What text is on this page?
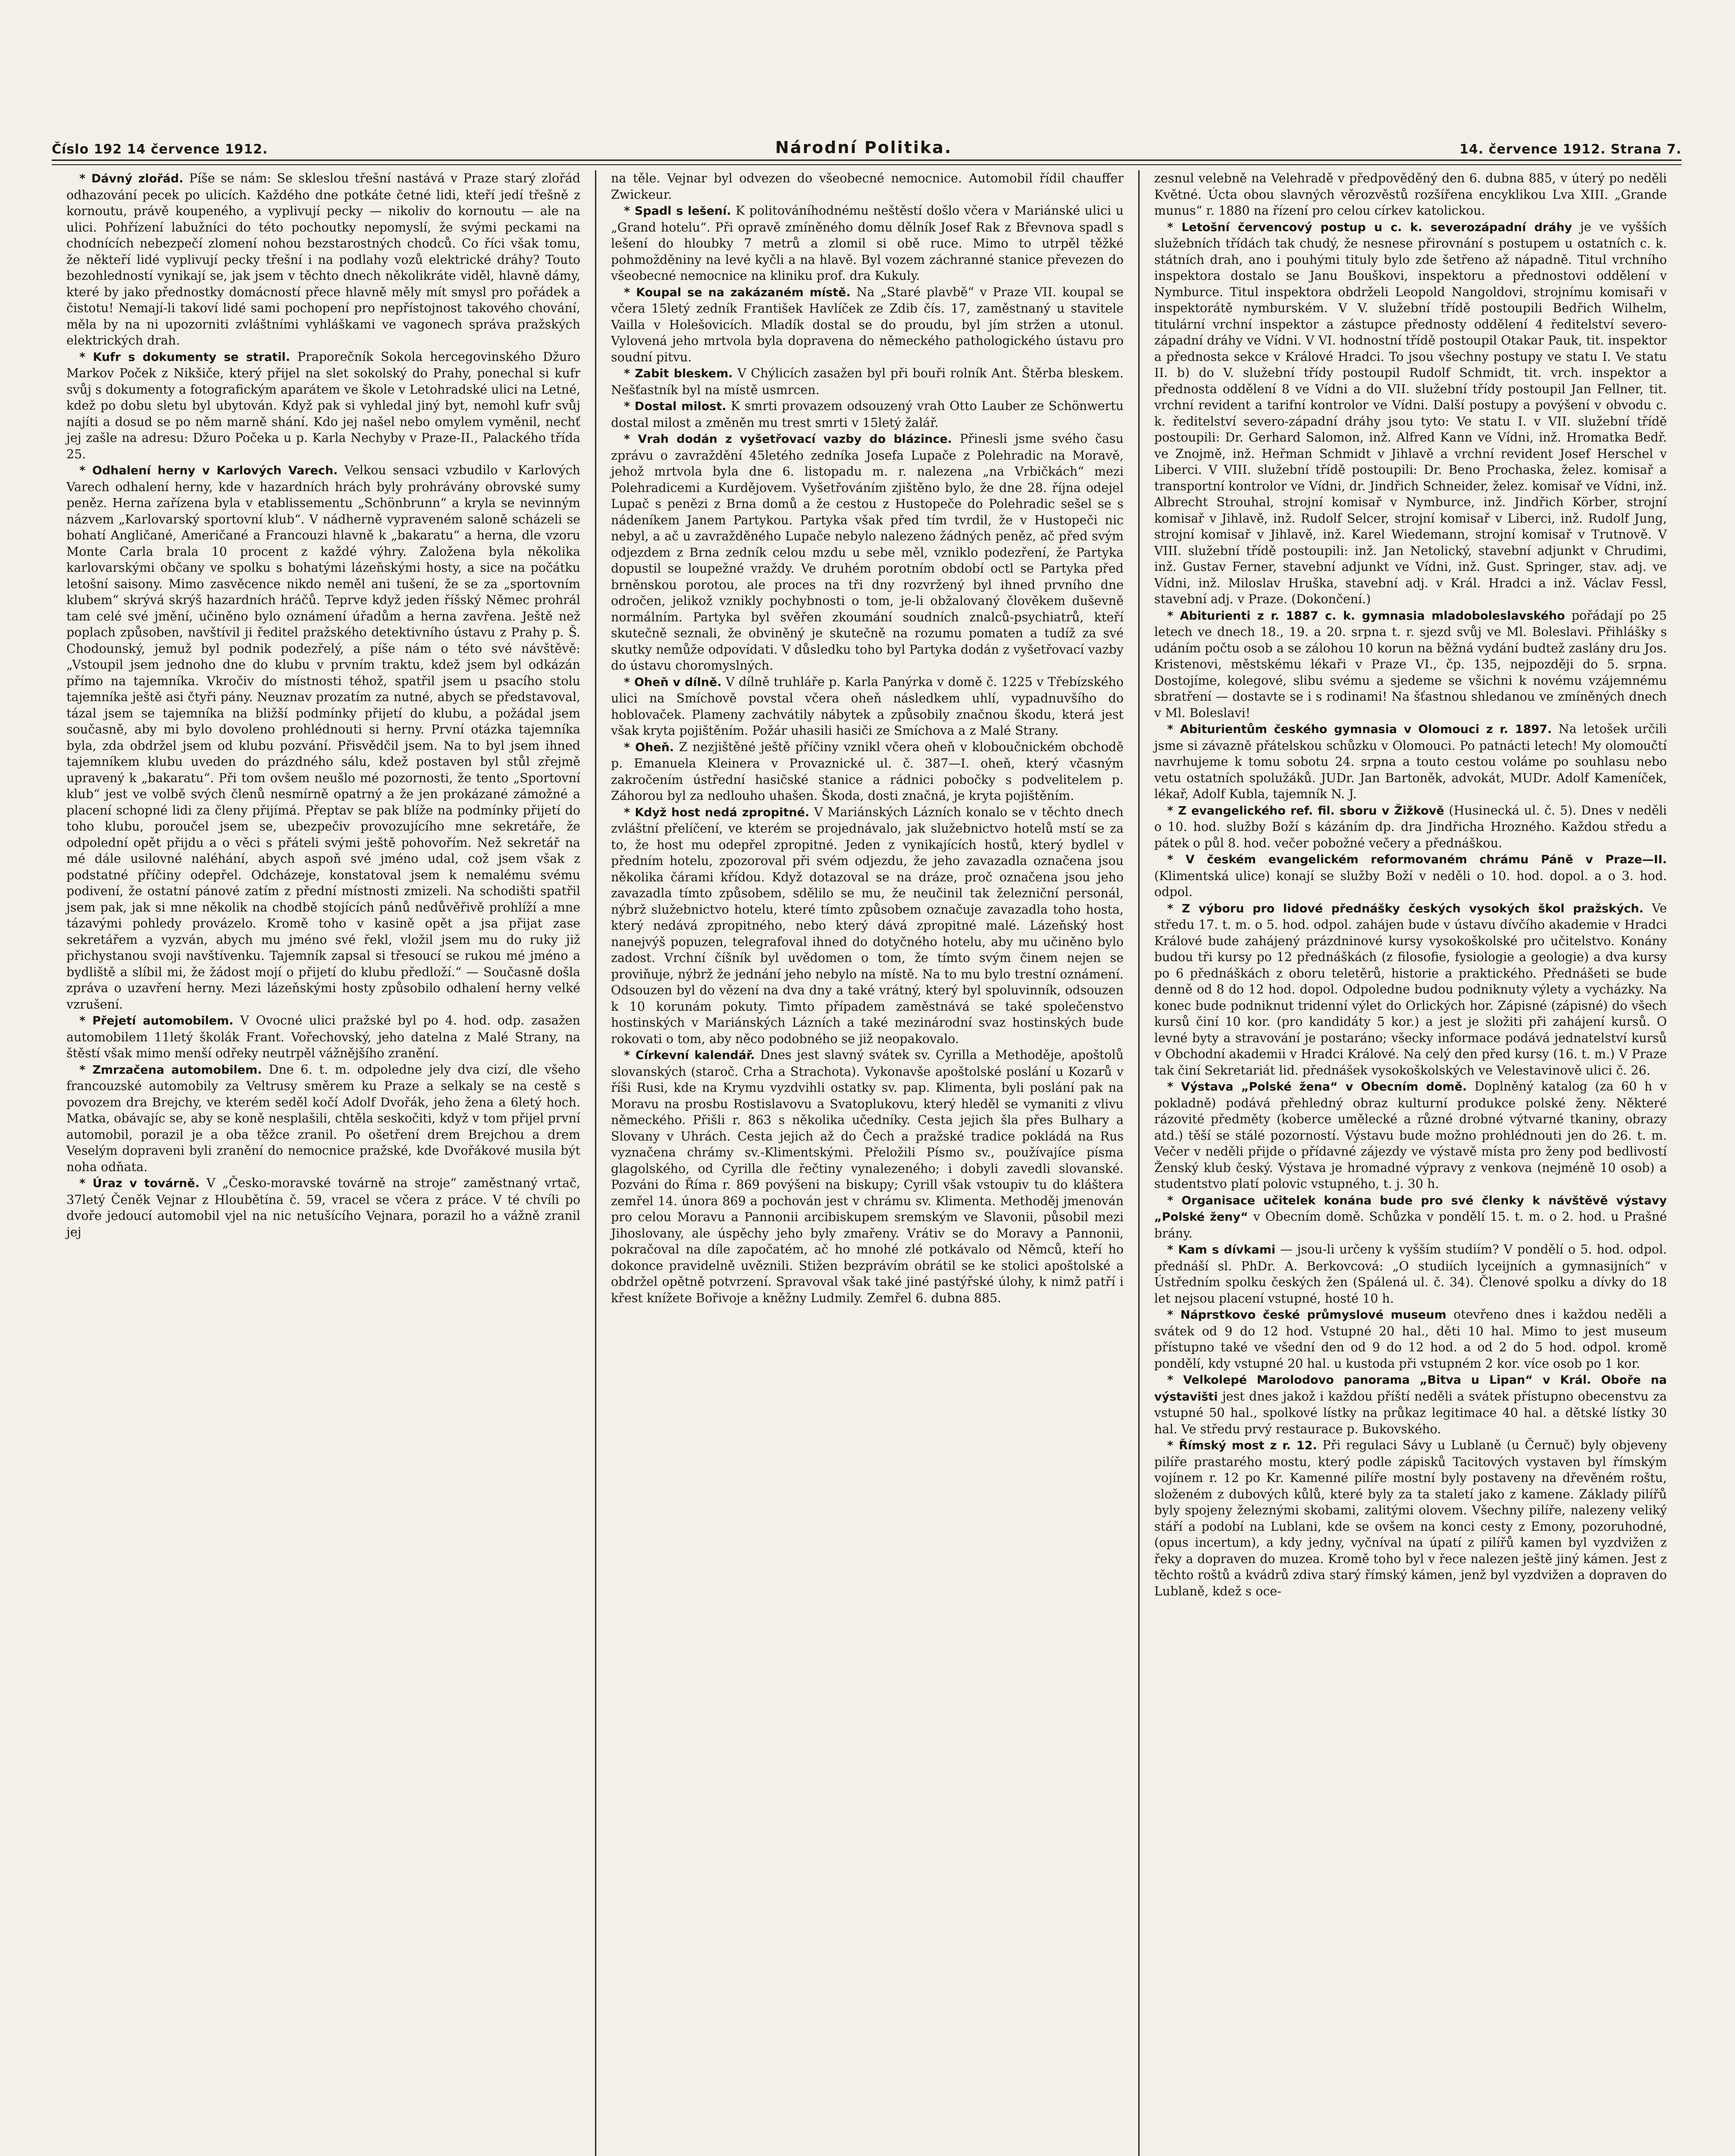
Číslo 192 14 července 1912.	Národní Politika.	14. července 1912. Strana 7.

* Dávný zlořád. Píše se nám: Se skleslou třešní nastává v Praze starý zlořád odhazování pecek po ulicích. Každého dne potkáte četné lidi, kteří jedí třešně z kornoutu, právě koupeného, a vyplivují pecky — nikoliv do kornoutu — ale na ulici. Pohřízení labužníci do této pochoutky nepomyslí, že svými peckami na chodnících nebezpečí zlomení nohou bezstarostných chodců. Co říci však tomu, že někteří lidé vyplivují pecky třešní i na podlahy vozů elektrické dráhy? Touto bezohledností vynikají se, jak jsem v těchto dnech několikráte viděl, hlavně dámy, které by jako přednostky domácností přece hlavně měly mít smysl pro pořádek a čistotu! Nemají-li takoví lidé sami pochopení pro nepřístojnost takového chování, měla by na ni upozorniti zvláštními vyhláškami ve vagonech správa pražských elektrických drah.

* Kufr s dokumenty se stratil. Praporečník Sokola hercegovinského Džuro Markov Poček z Nikšiče, který přijel na slet sokolský do Prahy, ponechal si kufr svůj s dokumenty a fotografickým aparátem ve škole v Letohradské ulici na Letné, kdež po dobu sletu byl ubytován. Když pak si vyhledal jiný byt, nemohl kufr svůj najíti a dosud se po něm marně shání. Kdo jej našel nebo omylem vyměnil, nechť jej zašle na adresu: Džuro Počeka u p. Karla Nechyby v Praze-II., Palackého třída 25.

* Odhalení herny v Karlových Varech. Velkou sensaci vzbudilo v Karlových Varech odhalení herny, kde v hazardních hrách byly prohrávány obrovské sumy peněz. Herna zařízena byla v etablissementu „Schönbrunn“ a kryla se nevinným názvem „Karlovarský sportovní klub“. V nádherně vypraveném saloně scházeli se bohatí Angličané, Američané a Francouzi hlavně k „bakaratu“ a herna, dle vzoru Monte Carla brala 10 procent z každé výhry. Založena byla několika karlovarskými občany ve spolku s bohatými lázeňskými hosty, a sice na počátku letošní saisony. Mimo zasvěcence nikdo neměl ani tušení, že se za „sportovním klubem“ skrývá skrýš hazardních hráčů. Teprve když jeden říšský Němec prohrál tam celé své jmění, učiněno bylo oznámení úřadům a herna zavřena. Ještě než poplach způsoben, navštívil ji ředitel pražského detektivního ústavu z Prahy p. Š. Chodounský, jemuž byl podnik podezřelý, a píše nám o této své návštěvě: „Vstoupil jsem jednoho dne do klubu v prvním traktu, kdež jsem byl odkázán přímo na tajemníka. Vkročiv do místnosti téhož, spatřil jsem u psacího stolu tajemníka ještě asi čtyři pány. Neuznav prozatím za nutné, abych se představoval, tázal jsem se tajemníka na bližší podmínky přijetí do klubu, a požádal jsem současně, aby mi bylo dovoleno prohlédnouti si herny. První otázka tajemníka byla, zda obdržel jsem od klubu pozvání. Přisvědčil jsem. Na to byl jsem ihned tajemníkem klubu uveden do prázdného sálu, kdež postaven byl stůl zřejmě upravený k „bakaratu“. Při tom ovšem neušlo mé pozornosti, že tento „Sportovní klub“ jest ve volbě svých členů nesmírně opatrný a že jen prokázané zámožné a placení schopné lidi za členy přijímá. Přeptav se pak blíže na podmínky přijetí do toho klubu, poroučel jsem se, ubezpečiv provozujícího mne sekretáře, že odpolední opět přijdu a o věci s přáteli svými ještě pohovořím. Než sekretář na mé dále usilovné naléhání, abych aspoň své jméno udal, což jsem však z podstatné příčiny odepřel. Odcházeje, konstatoval jsem k nemalému svému podivení, že ostatní pánové zatím z přední místnosti zmizeli. Na schodišti spatřil jsem pak, jak si mne několik na chodbě stojících pánů nedůvěřivě prohlíží a mne tázavými pohledy provázelo. Kromě toho v kasině opět a jsa přijat zase sekretářem a vyzván, abych mu jméno své řekl, vložil jsem mu do ruky již přichystanou svoji navštívenku. Tajemník zapsal si třesoucí se rukou mé jméno a bydliště a slíbil mi, že žádost mojí o přijetí do klubu předloží.“ — Současně došla zpráva o uzavření herny. Mezi lázeňskými hosty způsobilo odhalení herny velké vzrušení.

* Přejetí automobilem. V Ovocné ulici pražské byl po 4. hod. odp. zasažen automobilem 11letý školák Frant. Vořechovský, jeho datelna z Malé Strany, na štěstí však mimo menší odřeky neutrpěl vážnějšího zranění.

* Zmrzačena automobilem. Dne 6. t. m. odpoledne jely dva cizí, dle všeho francouzské automobily za Veltrusy směrem ku Praze a selkaly se na cestě s povozem dra Brejchy, ve kterém seděl kočí Adolf Dvořák, jeho žena a 6letý hoch. Matka, obávajíc se, aby se koně nesplašili, chtěla seskočiti, když v tom přijel první automobil, porazil je a oba těžce zranil. Po ošetření drem Brejchou a drem Veselým dopraveni byli zranění do nemocnice pražské, kde Dvořákové musila být noha odňata.

* Úraz v továrně. V „Česko-moravské továrně na stroje“ zaměstnaný vrtač, 37letý Čeněk Vejnar z Hloubětína č. 59, vracel se včera z práce. V té chvíli po dvoře jedoucí automobil vjel na nic netušícího Vejnara, porazil ho a vážně zranil jej

na těle. Vejnar byl odvezen do všeobecné nemocnice. Automobil řídil chauffer Zwickeur.

* Spadl s lešení. K politováníhodnému neštěstí došlo včera v Mariánské ulici u „Grand hotelu“. Při opravě zmíněného domu dělník Josef Rak z Břevnova spadl s lešení do hloubky 7 metrů a zlomil si obě ruce. Mimo to utrpěl těžké pohmožděniny na levé kyčli a na hlavě. Byl vozem záchranné stanice převezen do všeobecné nemocnice na kliniku prof. dra Kukuly.

* Koupal se na zakázaném místě. Na „Staré plavbě“ v Praze VII. koupal se včera 15letý zedník František Havlíček ze Zdib čís. 17, zaměstnaný u stavitele Vailla v Holešovicích. Mladík dostal se do proudu, byl jím stržen a utonul. Vylovená jeho mrtvola byla dopravena do německého pathologického ústavu pro soudní pitvu.

* Zabit bleskem. V Chýlicích zasažen byl při bouři rolník Ant. Štěrba bleskem. Nešťastník byl na místě usmrcen.

* Dostal milost. K smrti provazem odsouzený vrah Otto Lauber ze Schönwertu dostal milost a změněn mu trest smrti v 15letý žalář.

* Vrah dodán z vyšetřovací vazby do blázince. Přinesli jsme svého času zprávu o zavraždění 45letého zedníka Josefa Lupače z Polehradic na Moravě, jehož mrtvola byla dne 6. listopadu m. r. nalezena „na Vrbičkách“ mezi Polehradicemi a Kurdějovem. Vyšetřováním zjištěno bylo, že dne 28. října odejel Lupač s penězi z Brna domů a že cestou z Hustopeče do Polehradic sešel se s nádeníkem Janem Partykou. Partyka však před tím tvrdil, že v Hustopeči nic nebyl, a ač u zavražděného Lupače nebylo nalezeno žádných peněz, ač před svým odjezdem z Brna zedník celou mzdu u sebe měl, vzniklo podezření, že Partyka dopustil se loupežné vraždy. Ve druhém porotním období octl se Partyka před brněnskou porotou, ale proces na tři dny rozvržený byl ihned prvního dne odročen, jelikož vznikly pochybnosti o tom, je-li obžalovaný člověkem duševně normálním. Partyka byl svěřen zkoumání soudních znalců-psychiatrů, kteří skutečně seznali, že obviněný je skutečně na rozumu pomaten a tudíž za své skutky nemůže odpovídati. V důsledku toho byl Partyka dodán z vyšetřovací vazby do ústavu choromyslných.

* Oheň v dílně. V dílně truhláře p. Karla Panýrka v domě č. 1225 v Třebízského ulici na Smíchově povstal včera oheň následkem uhlí, vypadnuvšího do hoblovaček. Plameny zachvátily nábytek a způsobily značnou škodu, která jest však kryta pojištěním. Požár uhasili hasiči ze Smíchova a z Malé Strany.

* Oheň. Z nezjištěné ještě příčiny vznikl včera oheň v kloboučnickém obchodě p. Emanuela Kleinera v Provaznické ul. č. 387—I. oheň, který včasným zakročením ústřední hasičské stanice a rádnici pobočky s podvelitelem p. Záhorou byl za nedlouho uhašen. Škoda, dosti značná, je kryta pojištěním.

* Když host nedá zpropitné. V Mariánských Lázních konalo se v těchto dnech zvláštní přelíčení, ve kterém se projednávalo, jak služebnictvo hotelů mstí se za to, že host mu odepřel zpropitné. Jeden z vynikajících hostů, který bydlel v předním hotelu, zpozoroval při svém odjezdu, že jeho zavazadla označena jsou několika čárami křídou. Když dotazoval se na dráze, proč označena jsou jeho zavazadla tímto způsobem, sdělilo se mu, že neučinil tak železniční personál, nýbrž služebnictvo hotelu, které tímto způsobem označuje zavazadla toho hosta, který nedává zpropitného, nebo který dává zpropitné malé. Lázeňský host nanejvýš popuzen, telegrafoval ihned do dotyčného hotelu, aby mu učiněno bylo zadost. Vrchní číšník byl uvědomen o tom, že tímto svým činem nejen se proviňuje, nýbrž že jednání jeho nebylo na místě. Na to mu bylo trestní oznámení. Odsouzen byl do vězení na dva dny a také vrátný, který byl spoluvinník, odsouzen k 10 korunám pokuty. Timto případem zaměstnává se také společenstvo hostinských v Mariánských Lázních a také mezinárodní svaz hostinských bude rokovati o tom, aby něco podobného se již neopakovalo.

* Církevní kalendář. Dnes jest slavný svátek sv. Cyrilla a Methoděje, apoštolů slovanských (staroč. Crha a Strachota). Vykonavše apoštolské poslání u Kozarů v říši Rusi, kde na Krymu vyzdvihli ostatky sv. pap. Klimenta, byli poslání pak na Moravu na prosbu Rostislavovu a Svatoplukovu, který hleděl se vymaniti z vlivu německého. Přišli r. 863 s několika učedníky. Cesta jejich šla přes Bulhary a Slovany v Uhrách. Cesta jejich až do Čech a pražské tradice pokládá na Rus vyznačena chrámy sv.-Klimentskými. Přeložili Písmo sv., používajíce písma glagolského, od Cyrilla dle řečtiny vynalezeného; i dobyli zavedli slovanské. Pozváni do Říma r. 869 povýšeni na biskupy; Cyrill však vstoupiv tu do kláštera zemřel 14. února 869 a pochován jest v chrámu sv. Klimenta. Methoděj jmenován pro celou Moravu a Pannonii arcibiskupem sremským ve Slavonii, působil mezi Jihoslovany, ale úspěchy jeho byly zmařeny. Vrátiv se do Moravy a Pannonii, pokračoval na díle započatém, ač ho mnohé zlé potkávalo od Němců, kteří ho dokonce pravidelně uvěznili. Stižen bezprávím obrátil se ke stolici apoštolské a obdržel opětně potvrzení. Spravoval však také jiné pastýřské úlohy, k nimž patří i křest knížete Bořivoje a kněžny Ludmily. Zemřel 6. dubna 885.

zesnul velebně na Velehradě v předpověděný den 6. dubna 885, v úterý po neděli Květné. Úcta obou slavných věrozvěstů rozšířena encyklikou Lva XIII. „Grande munus“ r. 1880 na řízení pro celou církev katolickou.

* Letošní červencový postup u c. k. severozápadní dráhy je ve vyšších služebních třídách tak chudý, že nesnese přirovnání s postupem u ostatních c. k. státních drah, ano i pouhými tituly bylo zde šetřeno až nápadně. Titul vrchního inspektora dostalo se Janu Bouškovi, inspektoru a přednostovi oddělení v Nymburce. Titul inspektora obdrželi Leopold Nangoldovi, strojnímu komisaři v inspektorátě nymburském. V V. služební třídě postoupili Bedřich Wilhelm, titulární vrchní inspektor a zástupce přednosty oddělení 4 ředitelství severo-západní dráhy ve Vídni. V VI. hodnostní třídě postoupil Otakar Pauk, tit. inspektor a přednosta sekce v Králové Hradci. To jsou všechny postupy ve statu I. Ve statu II. b) do V. služební třídy postoupil Rudolf Schmidt, tit. vrch. inspektor a přednosta oddělení 8 ve Vídni a do VII. služební třídy postoupil Jan Fellner, tit. vrchní revident a tarifní kontrolor ve Vídni. Další postupy a povýšení v obvodu c. k. ředitelství severo-západní dráhy jsou tyto: Ve statu I. v VII. služební třídě postoupili: Dr. Gerhard Salomon, inž. Alfred Kann ve Vídni, inž. Hromatka Bedř. ve Znojmě, inž. Heřman Schmidt v Jihlavě a vrchní revident Josef Herschel v Liberci. V VIII. služební třídě postoupili: Dr. Beno Prochaska, želez. komisař a transportní kontrolor ve Vídni, dr. Jindřich Schneider, želez. komisař ve Vídni, inž. Albrecht Strouhal, strojní komisař v Nymburce, inž. Jindřich Körber, strojní komisař v Jihlavě, inž. Rudolf Selcer, strojní komisař v Liberci, inž. Rudolf Jung, strojní komisař v Jihlavě, inž. Karel Wiedemann, strojní komisař v Trutnově. V VIII. služební třídě postoupili: inž. Jan Netolický, stavební adjunkt v Chrudimi, inž. Gustav Ferner, stavební adjunkt ve Vídni, inž. Gust. Springer, stav. adj. ve Vídni, inž. Miloslav Hruška, stavební adj. v Král. Hradci a inž. Václav Fessl, stavební adj. v Praze. (Dokončení.)

* Abiturienti z r. 1887 c. k. gymnasia mladoboleslavského pořádají po 25 letech ve dnech 18., 19. a 20. srpna t. r. sjezd svůj ve Ml. Boleslavi. Přihlášky s udáním počtu osob a se zálohou 10 korun na běžná vydání budtež zaslány dru Jos. Kristenovi, městskému lékaři v Praze VI., čp. 135, nejpozději do 5. srpna. Dostojíme, kolegové, slibu svému a sjedeme se všichni k novému vzájemnému sbratření — dostavte se i s rodinami! Na šťastnou shledanou ve zmíněných dnech v Ml. Boleslavi!

* Abiturientům českého gymnasia v Olomouci z r. 1897. Na letošek určili jsme si závazně přátelskou schůzku v Olomouci. Po patnácti letech! My olomoučtí navrhujeme k tomu sobotu 24. srpna a touto cestou voláme po souhlasu nebo vetu ostatních spolužáků. JUDr. Jan Bartoněk, advokát, MUDr. Adolf Kameníček, lékař, Adolf Kubla, tajemník N. J.

* Z evangelického ref. fil. sboru v Žižkově (Husinecká ul. č. 5). Dnes v neděli o 10. hod. služby Boží s kázáním dp. dra Jindřicha Hrozného. Každou středu a pátek o půl 8. hod. večer pobožné večery a přednáškou.

* V českém evangelickém reformovaném chrámu Páně v Praze—II. (Klimentská ulice) konají se služby Boží v neděli o 10. hod. dopol. a o 3. hod. odpol.

* Z výboru pro lidové přednášky českých vysokých škol pražských. Ve středu 17. t. m. o 5. hod. odpol. zahájen bude v ústavu dívčího akademie v Hradci Králové bude zahájený prázdninové kursy vysokoškolské pro učitelstvo. Konány budou tři kursy po 12 přednáškách (z filosofie, fysiologie a geologie) a dva kursy po 6 přednáškách z oboru teletěrů, historie a praktického. Přednášeti se bude denně od 8 do 12 hod. dopol. Odpoledne budou podniknuty výlety a vycházky. Na konec bude podniknut tridenní výlet do Orlických hor. Zápisné (zápisné) do všech kursů činí 10 kor. (pro kandidáty 5 kor.) a jest je složiti při zahájení kursů. O levné byty a stravování je postaráno; všecky informace podává jednatelství kursů v Obchodní akademii v Hradci Králové. Na celý den před kursy (16. t. m.) V Praze tak činí Sekretariát lid. přednášek vysokoškolských ve Velestavinově ulici č. 26.

* Výstava „Polské žena“ v Obecním domě. Doplněný katalog (za 60 h v pokladně) podává přehledný obraz kulturní produkce polské ženy. Některé rázovité předměty (koberce umělecké a různé drobné výtvarné tkaniny, obrazy atd.) těší se stálé pozorností. Výstavu bude možno prohlédnouti jen do 26. t. m. Večer v neděli přijde o přídavné zájezdy ve výstavě místa pro ženy pod bedlivostí Ženský klub český. Výstava je hromadné výpravy z venkova (nejméně 10 osob) a studentstvo platí polovic vstupného, t. j. 30 h.

* Organisace učitelek konána bude pro své členky k návštěvě výstavy „Polské ženy“ v Obecním domě. Schůzka v pondělí 15. t. m. o 2. hod. u Prašné brány.

* Kam s dívkami — jsou-li určeny k vyšším studiím? V pondělí o 5. hod. odpol. přednáší sl. PhDr. A. Berkovcová: „O studiích lyceijních a gymnasijních“ v Ústředním spolku českých žen (Spálená ul. č. 34). Členové spolku a dívky do 18 let nejsou placení vstupné, hosté 10 h.

* Náprstkovo české průmyslové museum otevřeno dnes i každou neděli a svátek od 9 do 12 hod. Vstupné 20 hal., děti 10 hal. Mimo to jest museum přístupno také ve všední den od 9 do 12 hod. a od 2 do 5 hod. odpol. kromě pondělí, kdy vstupné 20 hal. u kustoda při vstupném 2 kor. více osob po 1 kor.

* Velkolepé Marolodovo panorama „Bitva u Lipan“ v Král. Oboře na výstavišti jest dnes jakož i každou příští neděli a svátek přístupno obecenstvu za vstupné 50 hal., spolkové lístky na průkaz legitimace 40 hal. a dětské lístky 30 hal. Ve středu prvý restaurace p. Bukovského.

* Římský most z r. 12. Při regulaci Sávy u Lublaně (u Černuč) byly objeveny pilíře prastarého mostu, který podle zápisků Tacitových vystaven byl římským vojínem r. 12 po Kr. Kamenné pilíře mostní byly postaveny na dřevěném roštu, složeném z dubových kůlů, které byly za ta staletí jako z kamene. Základy pilířů byly spojeny železnými skobami, zalitými olovem. Všechny pilíře, nalezeny veliký stáří a podobí na Lublani, kde se ovšem na konci cesty z Emony, pozoruhodné, (opus incertum), a kdy jedny, vyčníval na úpatí z pilířů kamen byl vyzdvižen z řeky a dopraven do muzea. Kromě toho byl v řece nalezen ještě jiný kámen. Jest z těchto roštů a kvádrů zdiva starý římský kámen, jenž byl vyzdvižen a dopraven do Lublaně, kdež s oce-
